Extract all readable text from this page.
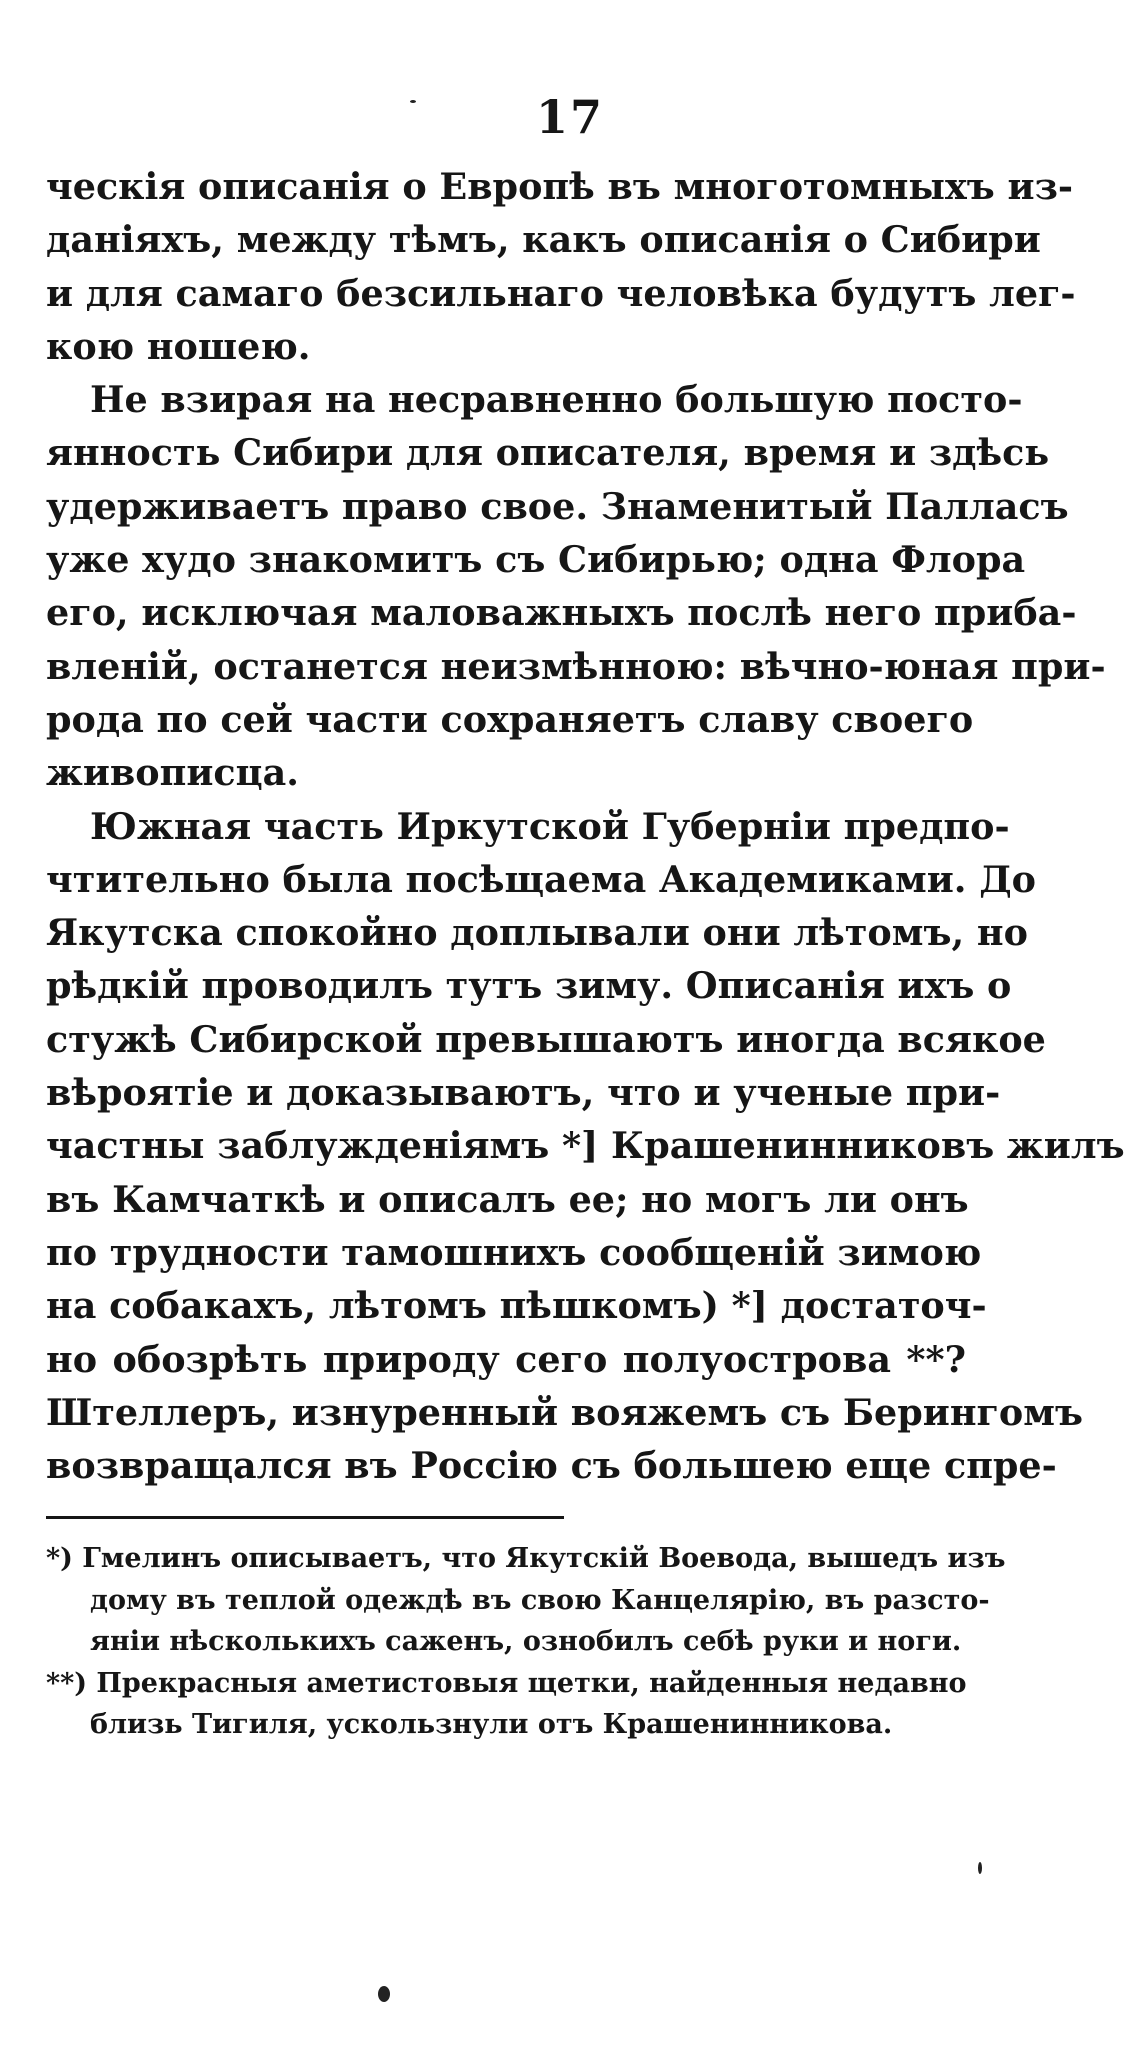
17
ческія описанія о Европѣ въ многотомныхъ из-
даніяхъ, между тѣмъ, какъ описанія о Сибири
и для самаго безсильнаго человѣка будутъ лег-
кою ношею.
Не взирая на несравненно большую посто-
янность Сибири для описателя, время и здѣсь
удерживаетъ право свое. Знаменитый Палласъ
уже худо знакомитъ съ Сибирью; одна Флора
его, исключая маловажныхъ послѣ него приба-
вленій, останется неизмѣнною: вѣчно-юная при-
рода по сей части сохраняетъ славу своего
живописца.
Южная часть Иркутской Губерніи предпо-
чтительно была посѣщаема Академиками. До
Якутска спокойно доплывали они лѣтомъ, но
рѣдкій проводилъ тутъ зиму. Описанія ихъ о
стужѣ Сибирской превышаютъ иногда всякое
вѣроятіе и доказываютъ, что и ученые при-
частны заблужденіямъ *] Крашенинниковъ жилъ
въ Камчаткѣ и описалъ ее; но могъ ли онъ
по трудности тамошнихъ сообщеній зимою
на собакахъ, лѣтомъ пѣшкомъ) *] достаточ-
но обозрѣть природу сего полуострова **?
Штеллеръ, изнуренный вояжемъ съ Берингомъ
возвращался въ Россію съ большею еще спре-
*) Гмелинъ описываетъ, что Якутскій Воевода, вышедъ изъ
дому въ теплой одеждѣ въ свою Канцелярію, въ разсто-
яніи нѣсколькихъ саженъ, ознобилъ себѣ руки и ноги.
**) Прекрасныя аметистовыя щетки, найденныя недавно
близь Тигиля, ускользнули отъ Крашенинникова.
